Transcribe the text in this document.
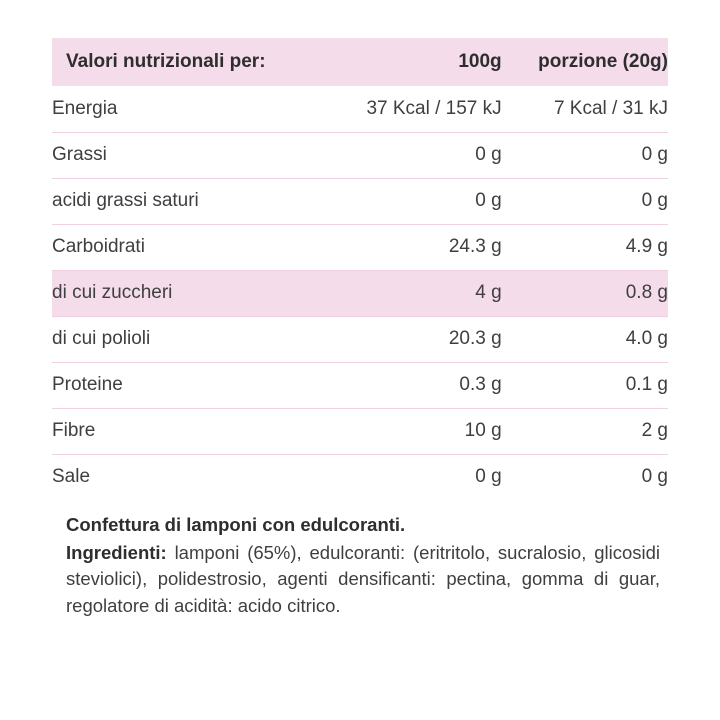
Valori nutrizionali per:	100g	porzione (20g)
Energia	37 Kcal / 157 kJ	7 Kcal / 31 kJ
Grassi	0 g	0 g
acidi grassi saturi	0 g	0 g
Carboidrati	24.3 g	4.9 g
di cui zuccheri	4 g	0.8 g
di cui polioli	20.3 g	4.0 g
Proteine	0.3 g	0.1 g
Fibre	10 g	2 g
Sale	0 g	0 g
Confettura di lamponi con edulcoranti.
Ingredienti: lamponi (65%), edulcoranti: (eritritolo, sucralosio, glicosidi steviolici), polidestrosio, agenti densificanti: pectina, gomma di guar, regolatore di acidità: acido citrico.
